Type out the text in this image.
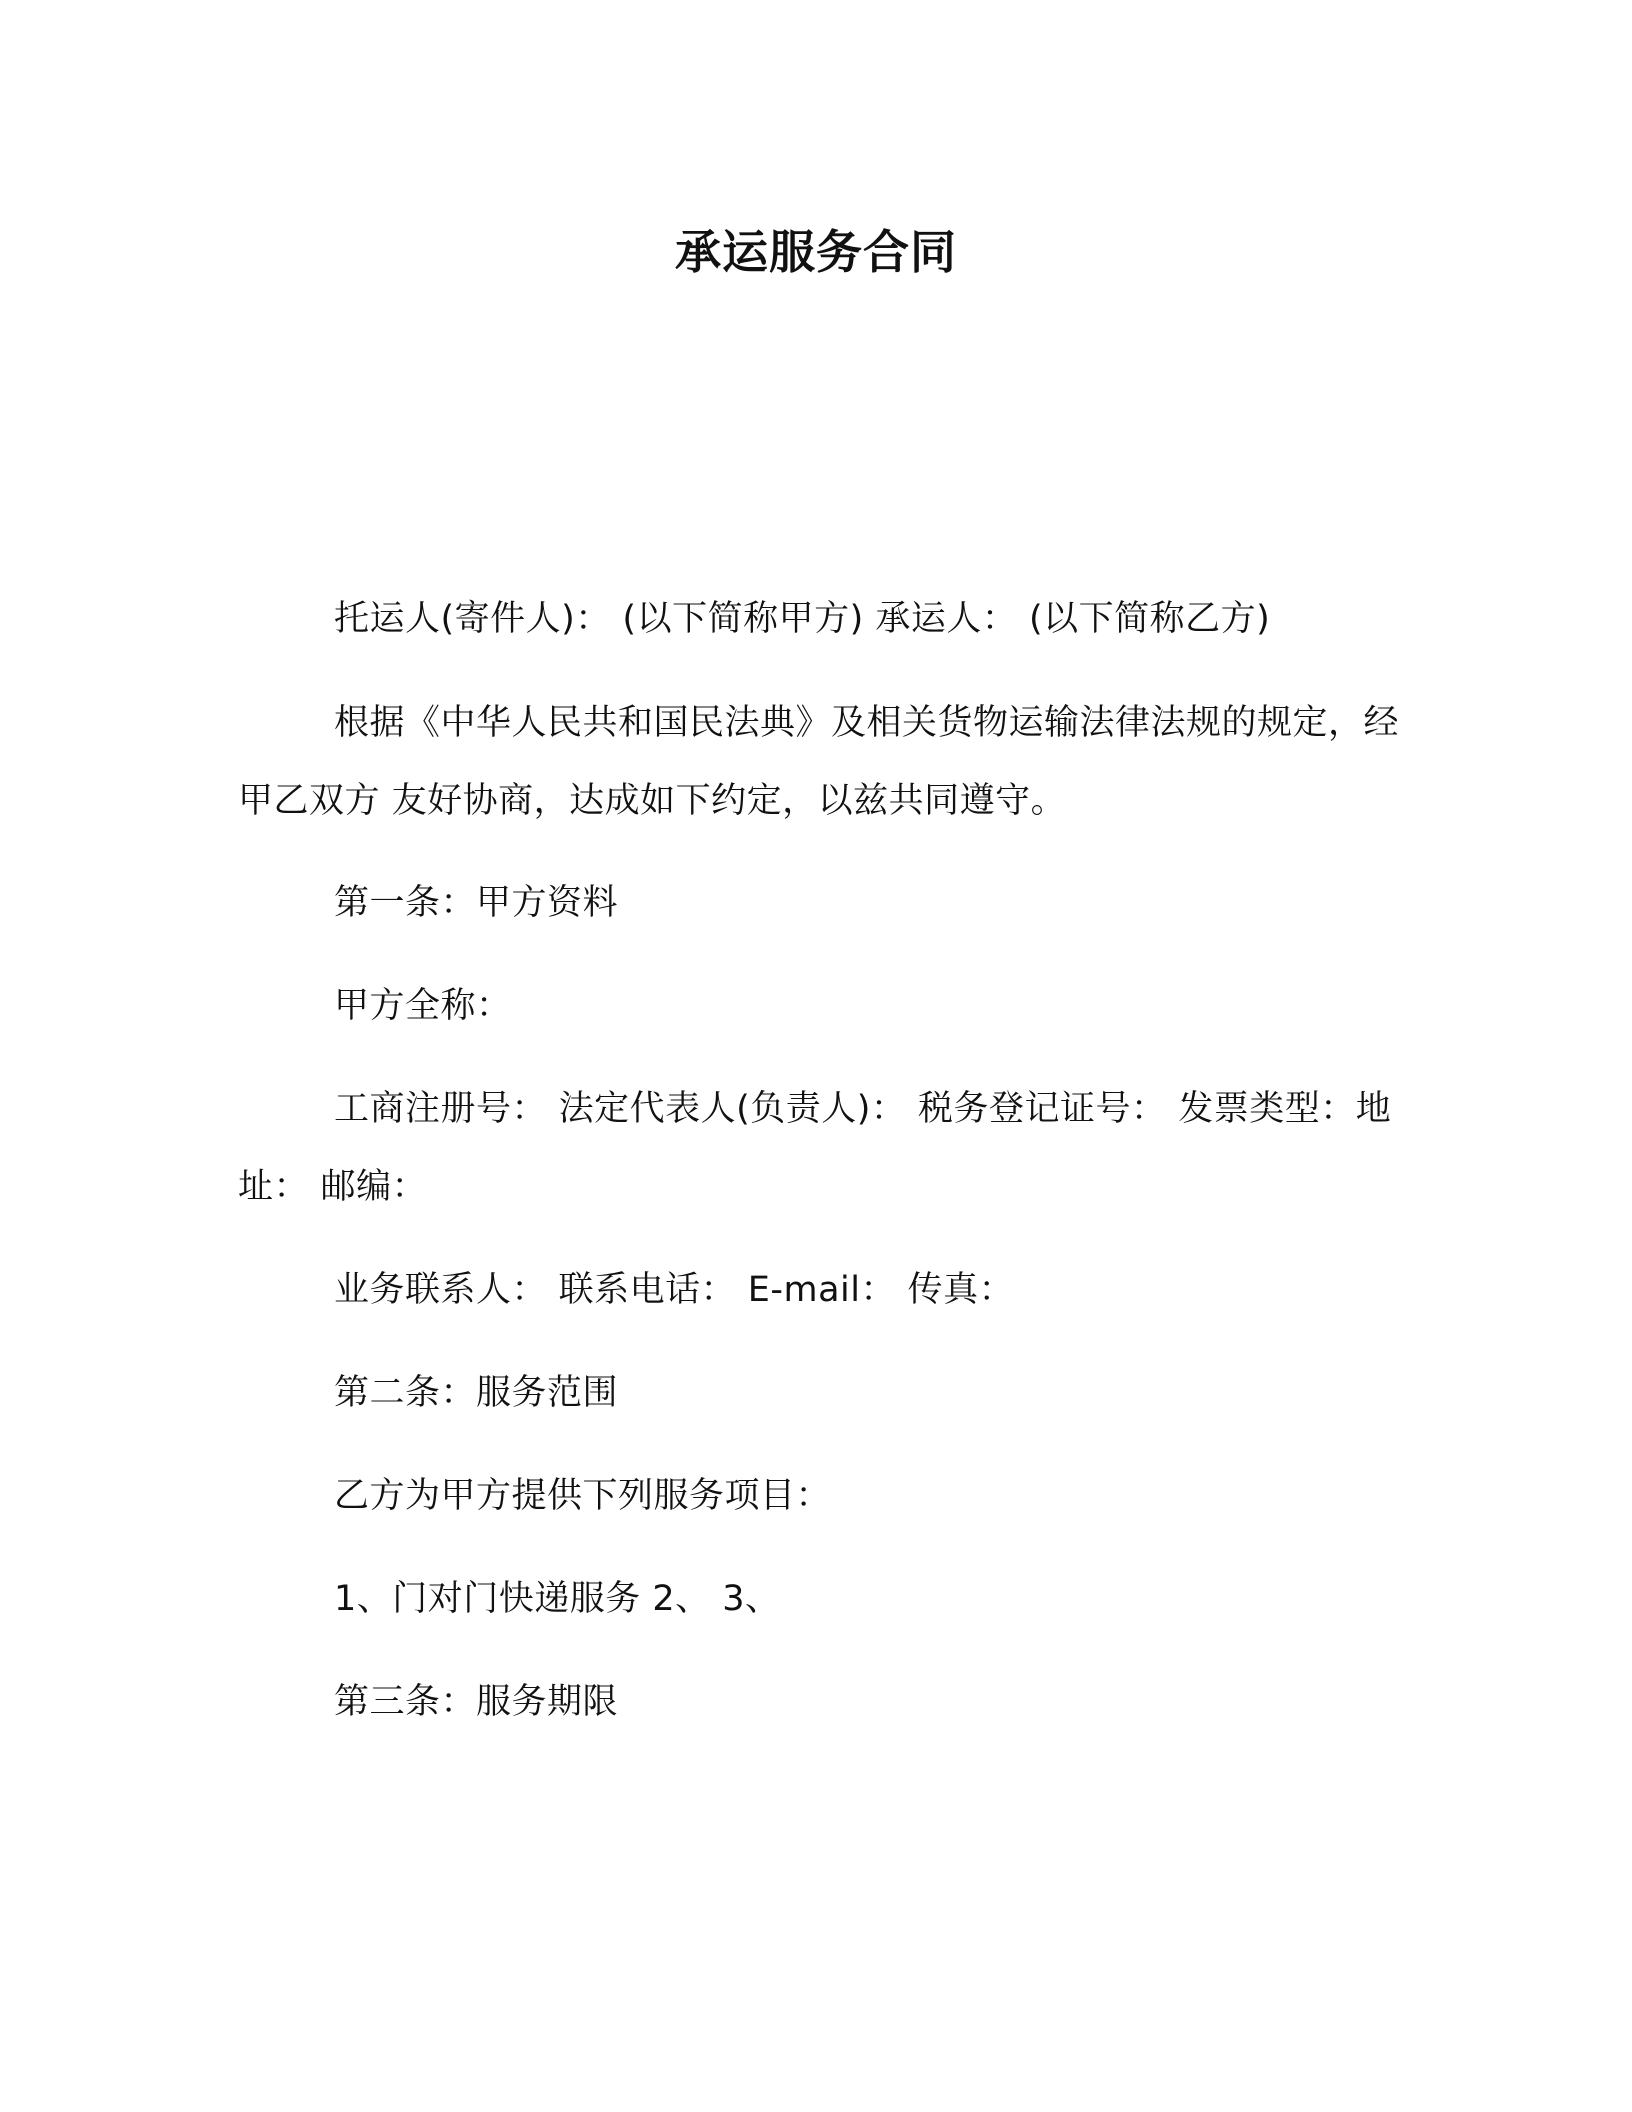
承运服务合同

托运人(寄件人)： (以下简称甲方) 承运人： (以下简称乙方)

根据《中华人民共和国民法典》及相关货物运输法律法规的规定，经甲乙双方 友好协商，达成如下约定，以兹共同遵守。

第一条：甲方资料

甲方全称：

工商注册号： 法定代表人(负责人)： 税务登记证号： 发票类型：地址： 邮编：

业务联系人： 联系电话： E-mail： 传真：

第二条：服务范围

乙方为甲方提供下列服务项目：

1、门对门快递服务 2、 3、

第三条：服务期限
